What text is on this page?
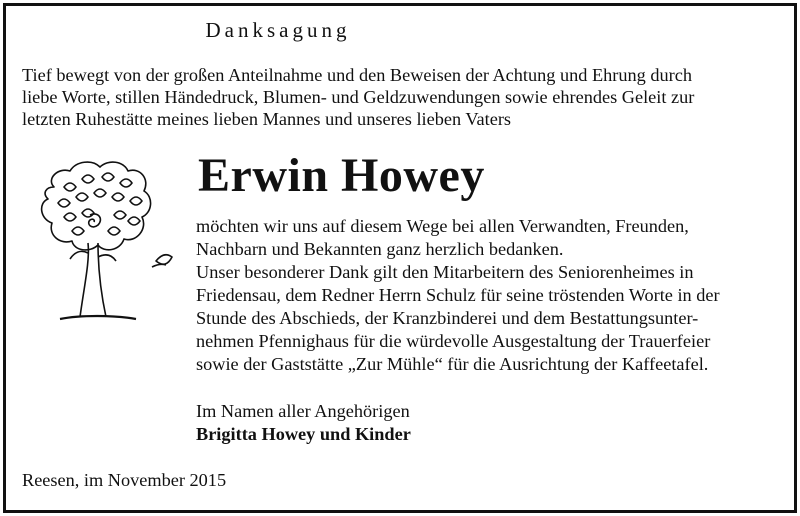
Danksagung
Tief bewegt von der großen Anteilnahme und den Beweisen der Achtung und Ehrung durch
liebe Worte, stillen Händedruck, Blumen- und Geldzuwendungen sowie ehrendes Geleit zur
letzten Ruhestätte meines lieben Mannes und unseres lieben Vaters
Erwin Howey
möchten wir uns auf diesem Wege bei allen Verwandten, Freunden,
Nachbarn und Bekannten ganz herzlich bedanken.
Unser besonderer Dank gilt den Mitarbeitern des Seniorenheimes in
Friedensau, dem Redner Herrn Schulz für seine tröstenden Worte in der
Stunde des Abschieds, der Kranzbinderei und dem Bestattungsunter-
nehmen Pfennighaus für die würdevolle Ausgestaltung der Trauerfeier
sowie der Gaststätte „Zur Mühle“ für die Ausrichtung der Kaffeetafel.
Im Namen aller Angehörigen
Brigitta Howey und Kinder
Reesen, im November 2015
